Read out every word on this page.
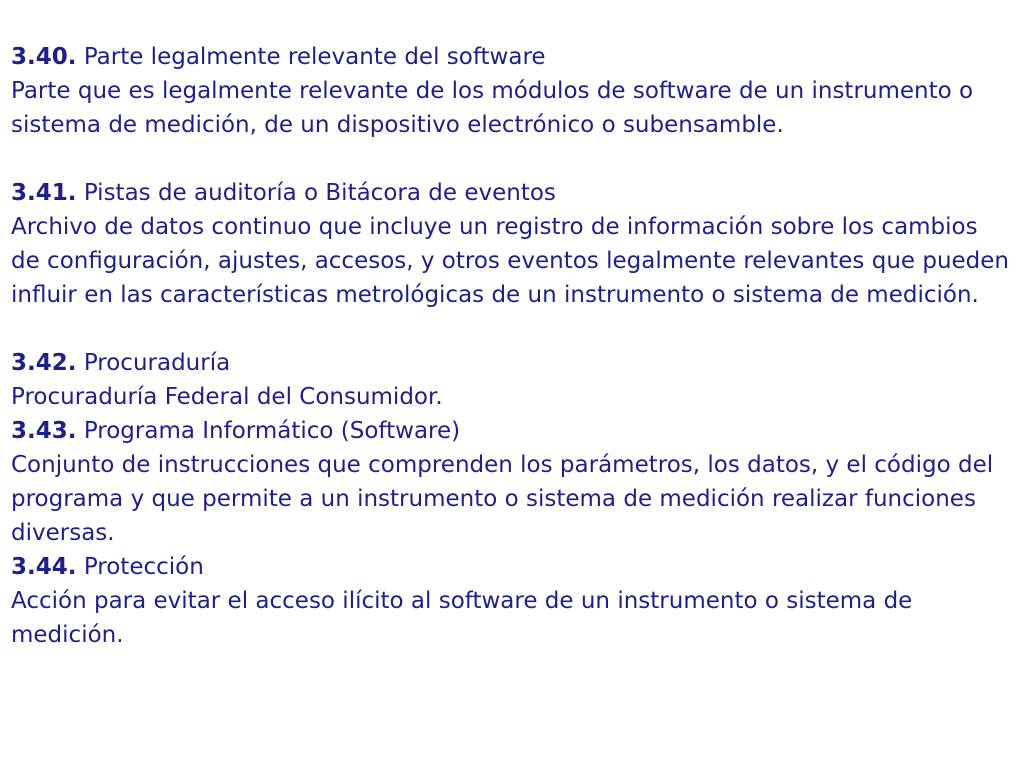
3.40. Parte legalmente relevante del software
Parte que es legalmente relevante de los módulos de software de un instrumento o sistema de medición, de un dispositivo electrónico o subensamble.
3.41. Pistas de auditoría o Bitácora de eventos
Archivo de datos continuo que incluye un registro de información sobre los cambios de configuración, ajustes, accesos, y otros eventos legalmente relevantes que pueden influir en las características metrológicas de un instrumento o sistema de medición.
3.42. Procuraduría
Procuraduría Federal del Consumidor.
3.43. Programa Informático (Software)
Conjunto de instrucciones que comprenden los parámetros, los datos, y el código del programa y que permite a un instrumento o sistema de medición realizar funciones diversas.
3.44. Protección
Acción para evitar el acceso ilícito al software de un instrumento o sistema de medición.
